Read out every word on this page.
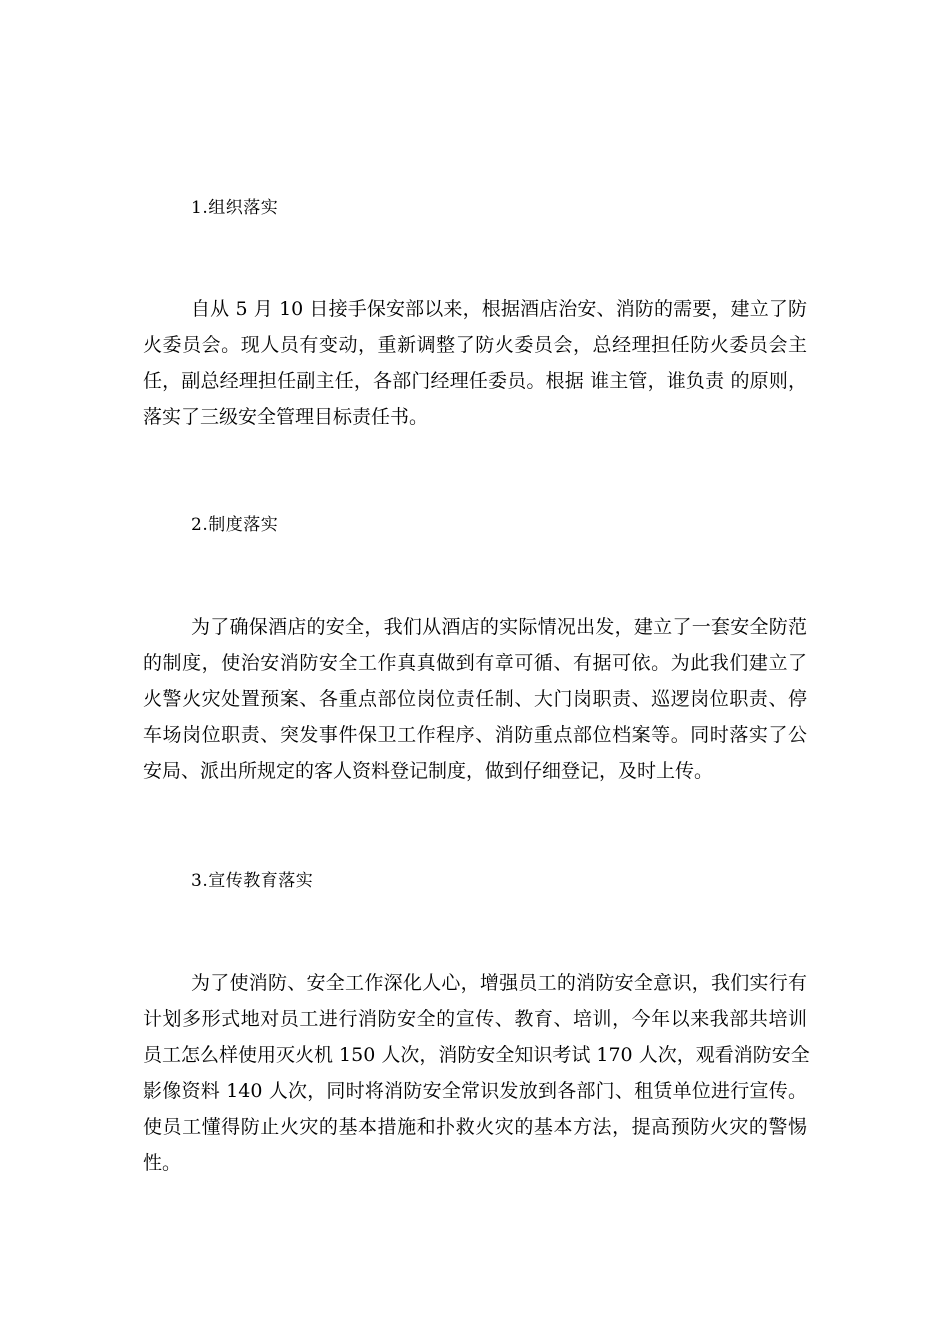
1.组织落实
自从 5 月 10 日接手保安部以来，根据酒店治安、消防的需要，建立了防
火委员会。现人员有变动，重新调整了防火委员会，总经理担任防火委员会主
任，副总经理担任副主任，各部门经理任委员。根据 谁主管，谁负责 的原则，
落实了三级安全管理目标责任书。
2.制度落实
为了确保酒店的安全，我们从酒店的实际情况出发，建立了一套安全防范
的制度，使治安消防安全工作真真做到有章可循、有据可依。为此我们建立了
火警火灾处置预案、各重点部位岗位责任制、大门岗职责、巡逻岗位职责、停
车场岗位职责、突发事件保卫工作程序、消防重点部位档案等。同时落实了公
安局、派出所规定的客人资料登记制度，做到仔细登记，及时上传。
3.宣传教育落实
为了使消防、安全工作深化人心，增强员工的消防安全意识，我们实行有
计划多形式地对员工进行消防安全的宣传、教育、培训，今年以来我部共培训
员工怎么样使用灭火机 150 人次，消防安全知识考试 170 人次，观看消防安全
影像资料 140 人次，同时将消防安全常识发放到各部门、租赁单位进行宣传。
使员工懂得防止火灾的基本措施和扑救火灾的基本方法，提高预防火灾的警惕
性。
